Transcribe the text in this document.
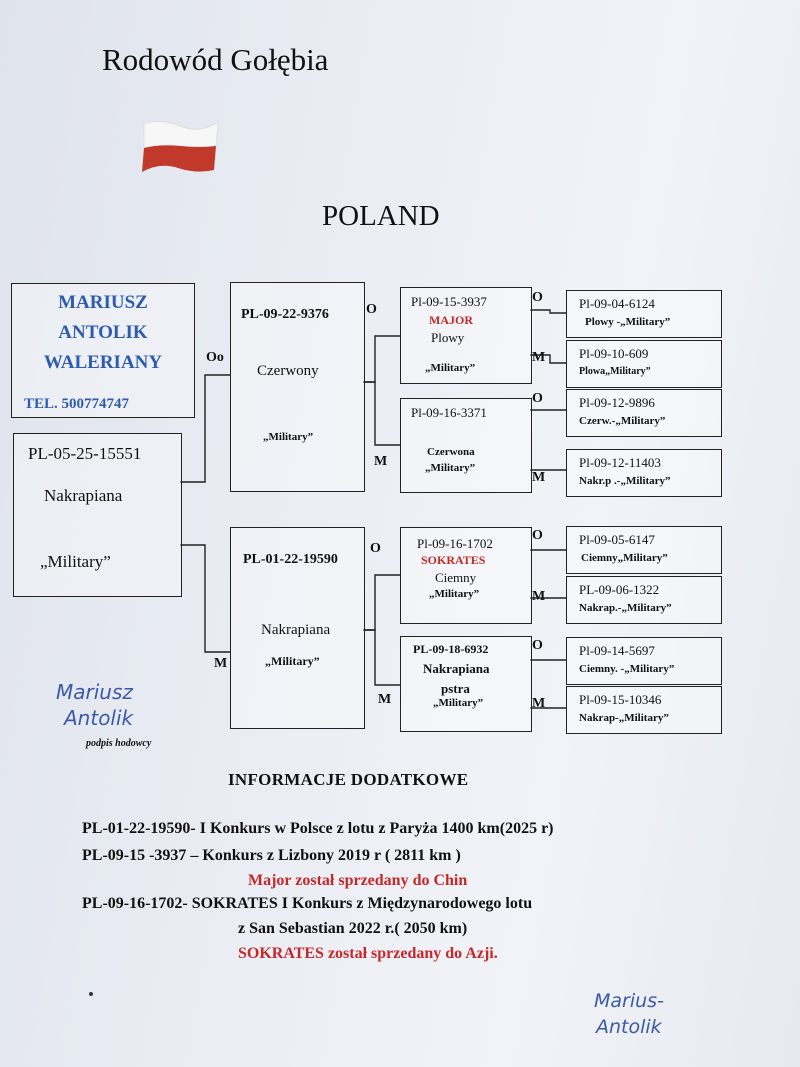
Rodowód Gołębia
POLAND
MARIUSZ
ANTOLIK
WALERIANY
TEL. 500774747
PL-05-25-15551
Nakrapiana
„Military”
PL-09-22-9376
Czerwony
„Military”
PL-01-22-19590
Nakrapiana
„Military”
Pl-09-15-3937
MAJOR
Plowy
„Military”
Pl-09-16-3371
Czerwona
„Military”
Pl-09-16-1702
SOKRATES
Ciemny
„Military”
PL-09-18-6932
Nakrapiana
pstra
„Military”
Pl-09-04-6124
Plowy -„Military”
Pl-09-10-609
Plowa„Military”
Pl-09-12-9896
Czerw.-„Military”
Pl-09-12-11403
Nakr.p .-„Military”
Pl-09-05-6147
Ciemny„Military”
PL-09-06-1322
Nakrap.-„Military”
Pl-09-14-5697
Ciemny. -„Military”
Pl-09-15-10346
Nakrap-„Military”
Oo
M
O
M
O
M
O
M
O
M
O
M
O
M
Mariusz
Antolik
podpis hodowcy
INFORMACJE DODATKOWE
PL-01-22-19590- I Konkurs w Polsce z lotu z Paryża 1400 km(2025 r)
PL-09-15 -3937 – Konkurs z Lizbony 2019 r ( 2811 km )
Major został sprzedany do Chin
PL-09-16-1702- SOKRATES I Konkurs z Międzynarodowego lotu
z San Sebastian 2022 r.( 2050 km)
SOKRATES został sprzedany do Azji.
Marius-
Antolik
